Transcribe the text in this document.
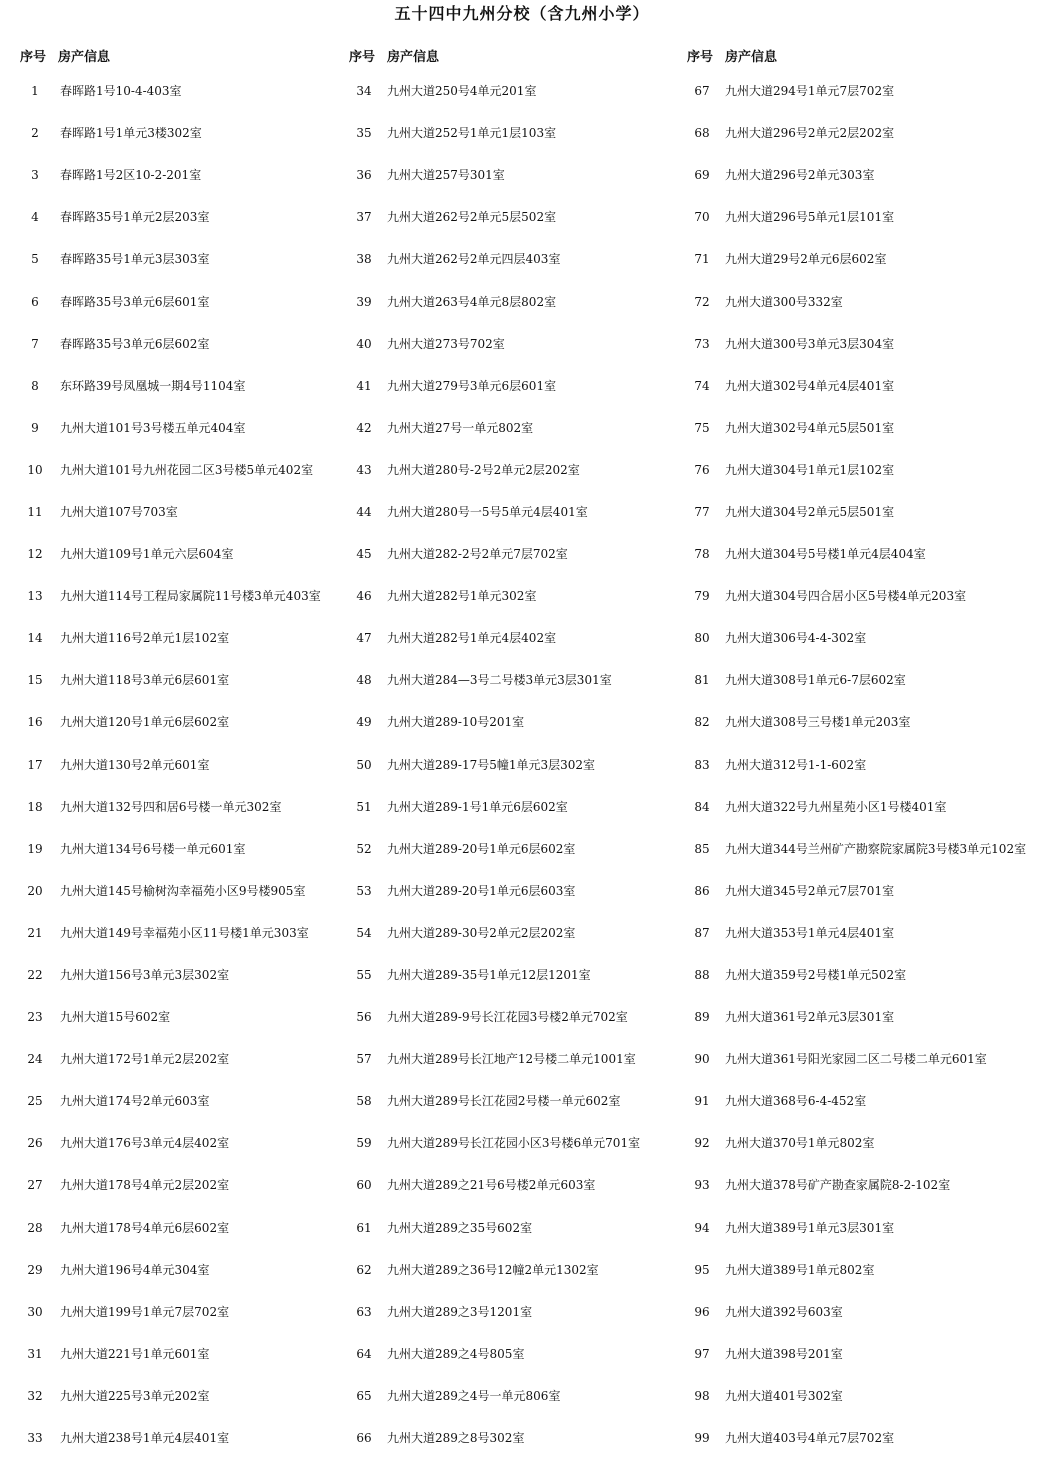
五十四中九州分校（含九州小学）
序号 房产信息
1	春晖路1号10-4-403室
2	春晖路1号1单元3楼302室
3	春晖路1号2区10-2-201室
4	春晖路35号1单元2层203室
5	春晖路35号1单元3层303室
6	春晖路35号3单元6层601室
7	春晖路35号3单元6层602室
8	东环路39号凤凰城一期4号1104室
9	九州大道101号3号楼五单元404室
10	九州大道101号九州花园二区3号楼5单元402室
11	九州大道107号703室
12	九州大道109号1单元六层604室
13	九州大道114号工程局家属院11号楼3单元403室
14	九州大道116号2单元1层102室
15	九州大道118号3单元6层601室
16	九州大道120号1单元6层602室
17	九州大道130号2单元601室
18	九州大道132号四和居6号楼一单元302室
19	九州大道134号6号楼一单元601室
20	九州大道145号榆树沟幸福苑小区9号楼905室
21	九州大道149号幸福苑小区11号楼1单元303室
22	九州大道156号3单元3层302室
23	九州大道15号602室
24	九州大道172号1单元2层202室
25	九州大道174号2单元603室
26	九州大道176号3单元4层402室
27	九州大道178号4单元2层202室
28	九州大道178号4单元6层602室
29	九州大道196号4单元304室
30	九州大道199号1单元7层702室
31	九州大道221号1单元601室
32	九州大道225号3单元202室
33	九州大道238号1单元4层401室
序号 房产信息
34	九州大道250号4单元201室
35	九州大道252号1单元1层103室
36	九州大道257号301室
37	九州大道262号2单元5层502室
38	九州大道262号2单元四层403室
39	九州大道263号4单元8层802室
40	九州大道273号702室
41	九州大道279号3单元6层601室
42	九州大道27号一单元802室
43	九州大道280号-2号2单元2层202室
44	九州大道280号一5号5单元4层401室
45	九州大道282-2号2单元7层702室
46	九州大道282号1单元302室
47	九州大道282号1单元4层402室
48	九州大道284—3号二号楼3单元3层301室
49	九州大道289-10号201室
50	九州大道289-17号5幢1单元3层302室
51	九州大道289-1号1单元6层602室
52	九州大道289-20号1单元6层602室
53	九州大道289-20号1单元6层603室
54	九州大道289-30号2单元2层202室
55	九州大道289-35号1单元12层1201室
56	九州大道289-9号长江花园3号楼2单元702室
57	九州大道289号长江地产12号楼二单元1001室
58	九州大道289号长江花园2号楼一单元602室
59	九州大道289号长江花园小区3号楼6单元701室
60	九州大道289之21号6号楼2单元603室
61	九州大道289之35号602室
62	九州大道289之36号12幢2单元1302室
63	九州大道289之3号1201室
64	九州大道289之4号805室
65	九州大道289之4号一单元806室
66	九州大道289之8号302室
序号 房产信息
67	九州大道294号1单元7层702室
68	九州大道296号2单元2层202室
69	九州大道296号2单元303室
70	九州大道296号5单元1层101室
71	九州大道29号2单元6层602室
72	九州大道300号332室
73	九州大道300号3单元3层304室
74	九州大道302号4单元4层401室
75	九州大道302号4单元5层501室
76	九州大道304号1单元1层102室
77	九州大道304号2单元5层501室
78	九州大道304号5号楼1单元4层404室
79	九州大道304号四合居小区5号楼4单元203室
80	九州大道306号4-4-302室
81	九州大道308号1单元6-7层602室
82	九州大道308号三号楼1单元203室
83	九州大道312号1-1-602室
84	九州大道322号九州星苑小区1号楼401室
85	九州大道344号兰州矿产勘察院家属院3号楼3单元102室
86	九州大道345号2单元7层701室
87	九州大道353号1单元4层401室
88	九州大道359号2号楼1单元502室
89	九州大道361号2单元3层301室
90	九州大道361号阳光家园二区二号楼二单元601室
91	九州大道368号6-4-452室
92	九州大道370号1单元802室
93	九州大道378号矿产勘查家属院8-2-102室
94	九州大道389号1单元3层301室
95	九州大道389号1单元802室
96	九州大道392号603室
97	九州大道398号201室
98	九州大道401号302室
99	九州大道403号4单元7层702室
